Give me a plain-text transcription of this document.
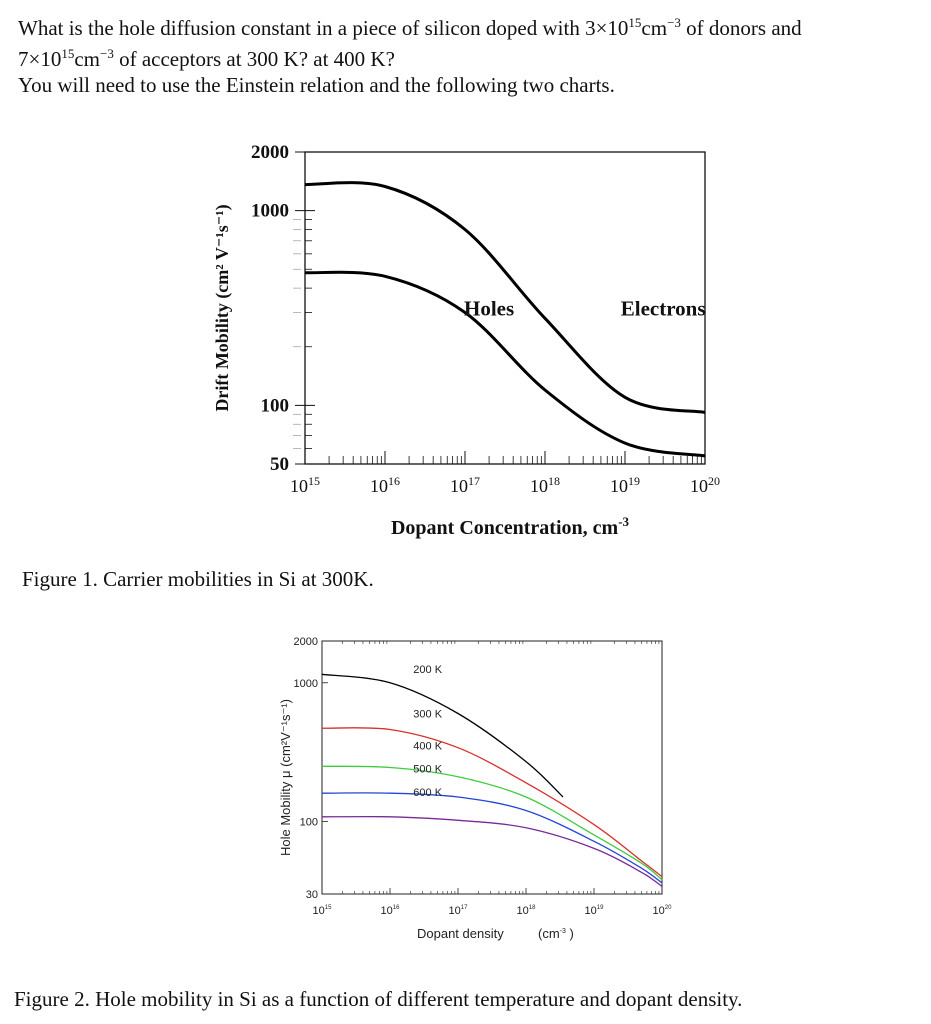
What is the hole diffusion constant in a piece of silicon doped with $3\times 10^{15}cm^{-3}$ of donors and

$7\times 10^{15}cm^{-3}$ of acceptors at 300 K? at 400 K?

You will need to use the Einstein relation and the following two charts.

$10^{15}$	$10^{16}$	$10^{17}$	$10^{18}$	$10^{19}$	$10^{20}$
2000
1000
100
50
Holes	Electrons
Dopant Concentration, $cm^{-3}$
Drift Mobility (cm² V⁻¹s⁻¹)
Figure 1. Carrier mobilities in Si at 300K.
$10^{15}$	$10^{16}$	$10^{17}$	$10^{18}$	$10^{19}$	$10^{20}$
2000
1000
100
30
200 K
300 K
400 K
500 K
600 K
Dopant density	($cm^{-3}$ )
Hole Mobility μ (cm²V⁻¹s⁻¹)
Figure 2. Hole mobility in Si as a function of different temperature and dopant density.
